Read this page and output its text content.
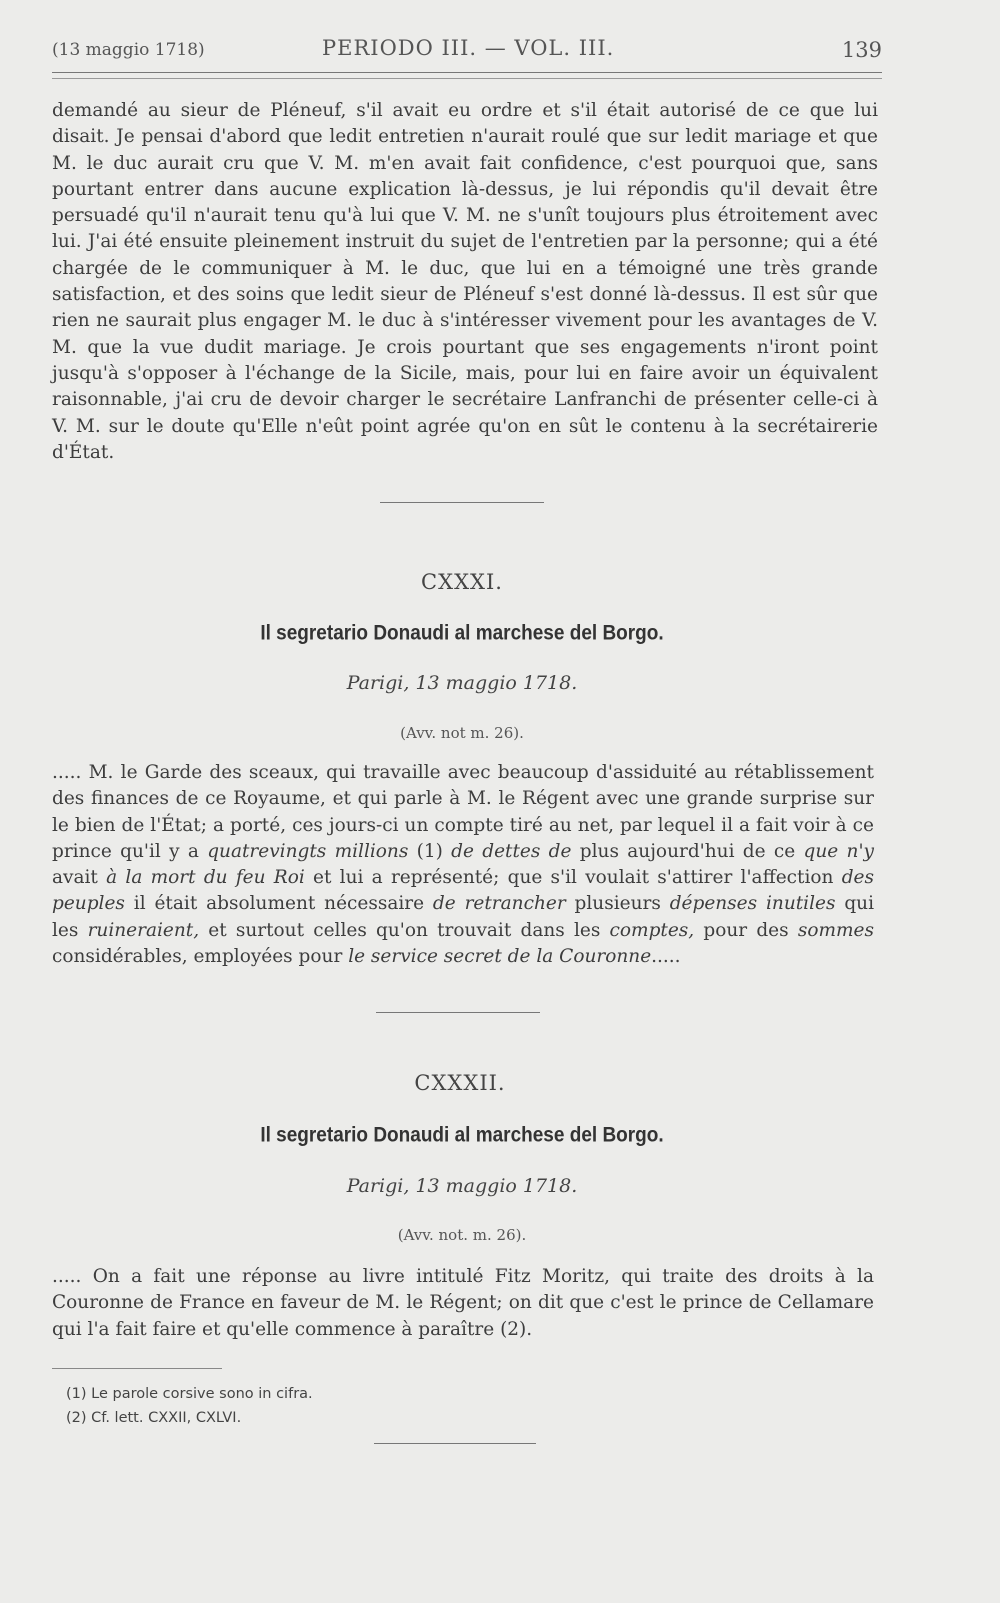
(13 maggio 1718)	PERIODO III. — VOL. III.	139
demandé au sieur de Pléneuf, s'il avait eu ordre et s'il était autorisé de ce que lui disait. Je pensai d'abord que ledit entretien n'aurait roulé que sur ledit mariage et que M. le duc aurait cru que V. M. m'en avait fait confidence, c'est pourquoi que, sans pourtant entrer dans aucune explication là-dessus, je lui répondis qu'il devait être persuadé qu'il n'aurait tenu qu'à lui que V. M. ne s'unît toujours plus étroitement avec lui. J'ai été ensuite pleinement instruit du sujet de l'entretien par la personne; qui a été chargée de le communiquer à M. le duc, que lui en a témoigné une très grande satisfaction, et des soins que ledit sieur de Pléneuf s'est donné là-dessus. Il est sûr que rien ne saurait plus engager M. le duc à s'intéresser vivement pour les avantages de V. M. que la vue dudit mariage. Je crois pourtant que ses engagements n'iront point jusqu'à s'opposer à l'échange de la Sicile, mais, pour lui en faire avoir un équivalent raisonnable, j'ai cru de devoir charger le secrétaire Lanfranchi de présenter celle-ci à V. M. sur le doute qu'Elle n'eût point agrée qu'on en sût le contenu à la secrétairerie d'État.
CXXXI.
Il segretario Donaudi al marchese del Borgo.
Parigi, 13 maggio 1718.
(Avv. not m. 26).
..... M. le Garde des sceaux, qui travaille avec beaucoup d'assiduité au rétablissement des finances de ce Royaume, et qui parle à M. le Régent avec une grande surprise sur le bien de l'État; a porté, ces jours-ci un compte tiré au net, par lequel il a fait voir à ce prince qu'il y a quatrevingts millions (1) de dettes de plus aujourd'hui de ce que n'y avait à la mort du feu Roi et lui a représenté; que s'il voulait s'attirer l'affection des peuples il était absolument nécessaire de retrancher plusieurs dépenses inutiles qui les ruineraient, et surtout celles qu'on trouvait dans les comptes, pour des sommes considérables, employées pour le service secret de la Couronne.....
CXXXII.
Il segretario Donaudi al marchese del Borgo.
Parigi, 13 maggio 1718.
(Avv. not. m. 26).
..... On a fait une réponse au livre intitulé Fitz Moritz, qui traite des droits à la Couronne de France en faveur de M. le Régent; on dit que c'est le prince de Cellamare qui l'a fait faire et qu'elle commence à paraître (2).
(1) Le parole corsive sono in cifra.
(2) Cf. lett. CXXII, CXLVI.
